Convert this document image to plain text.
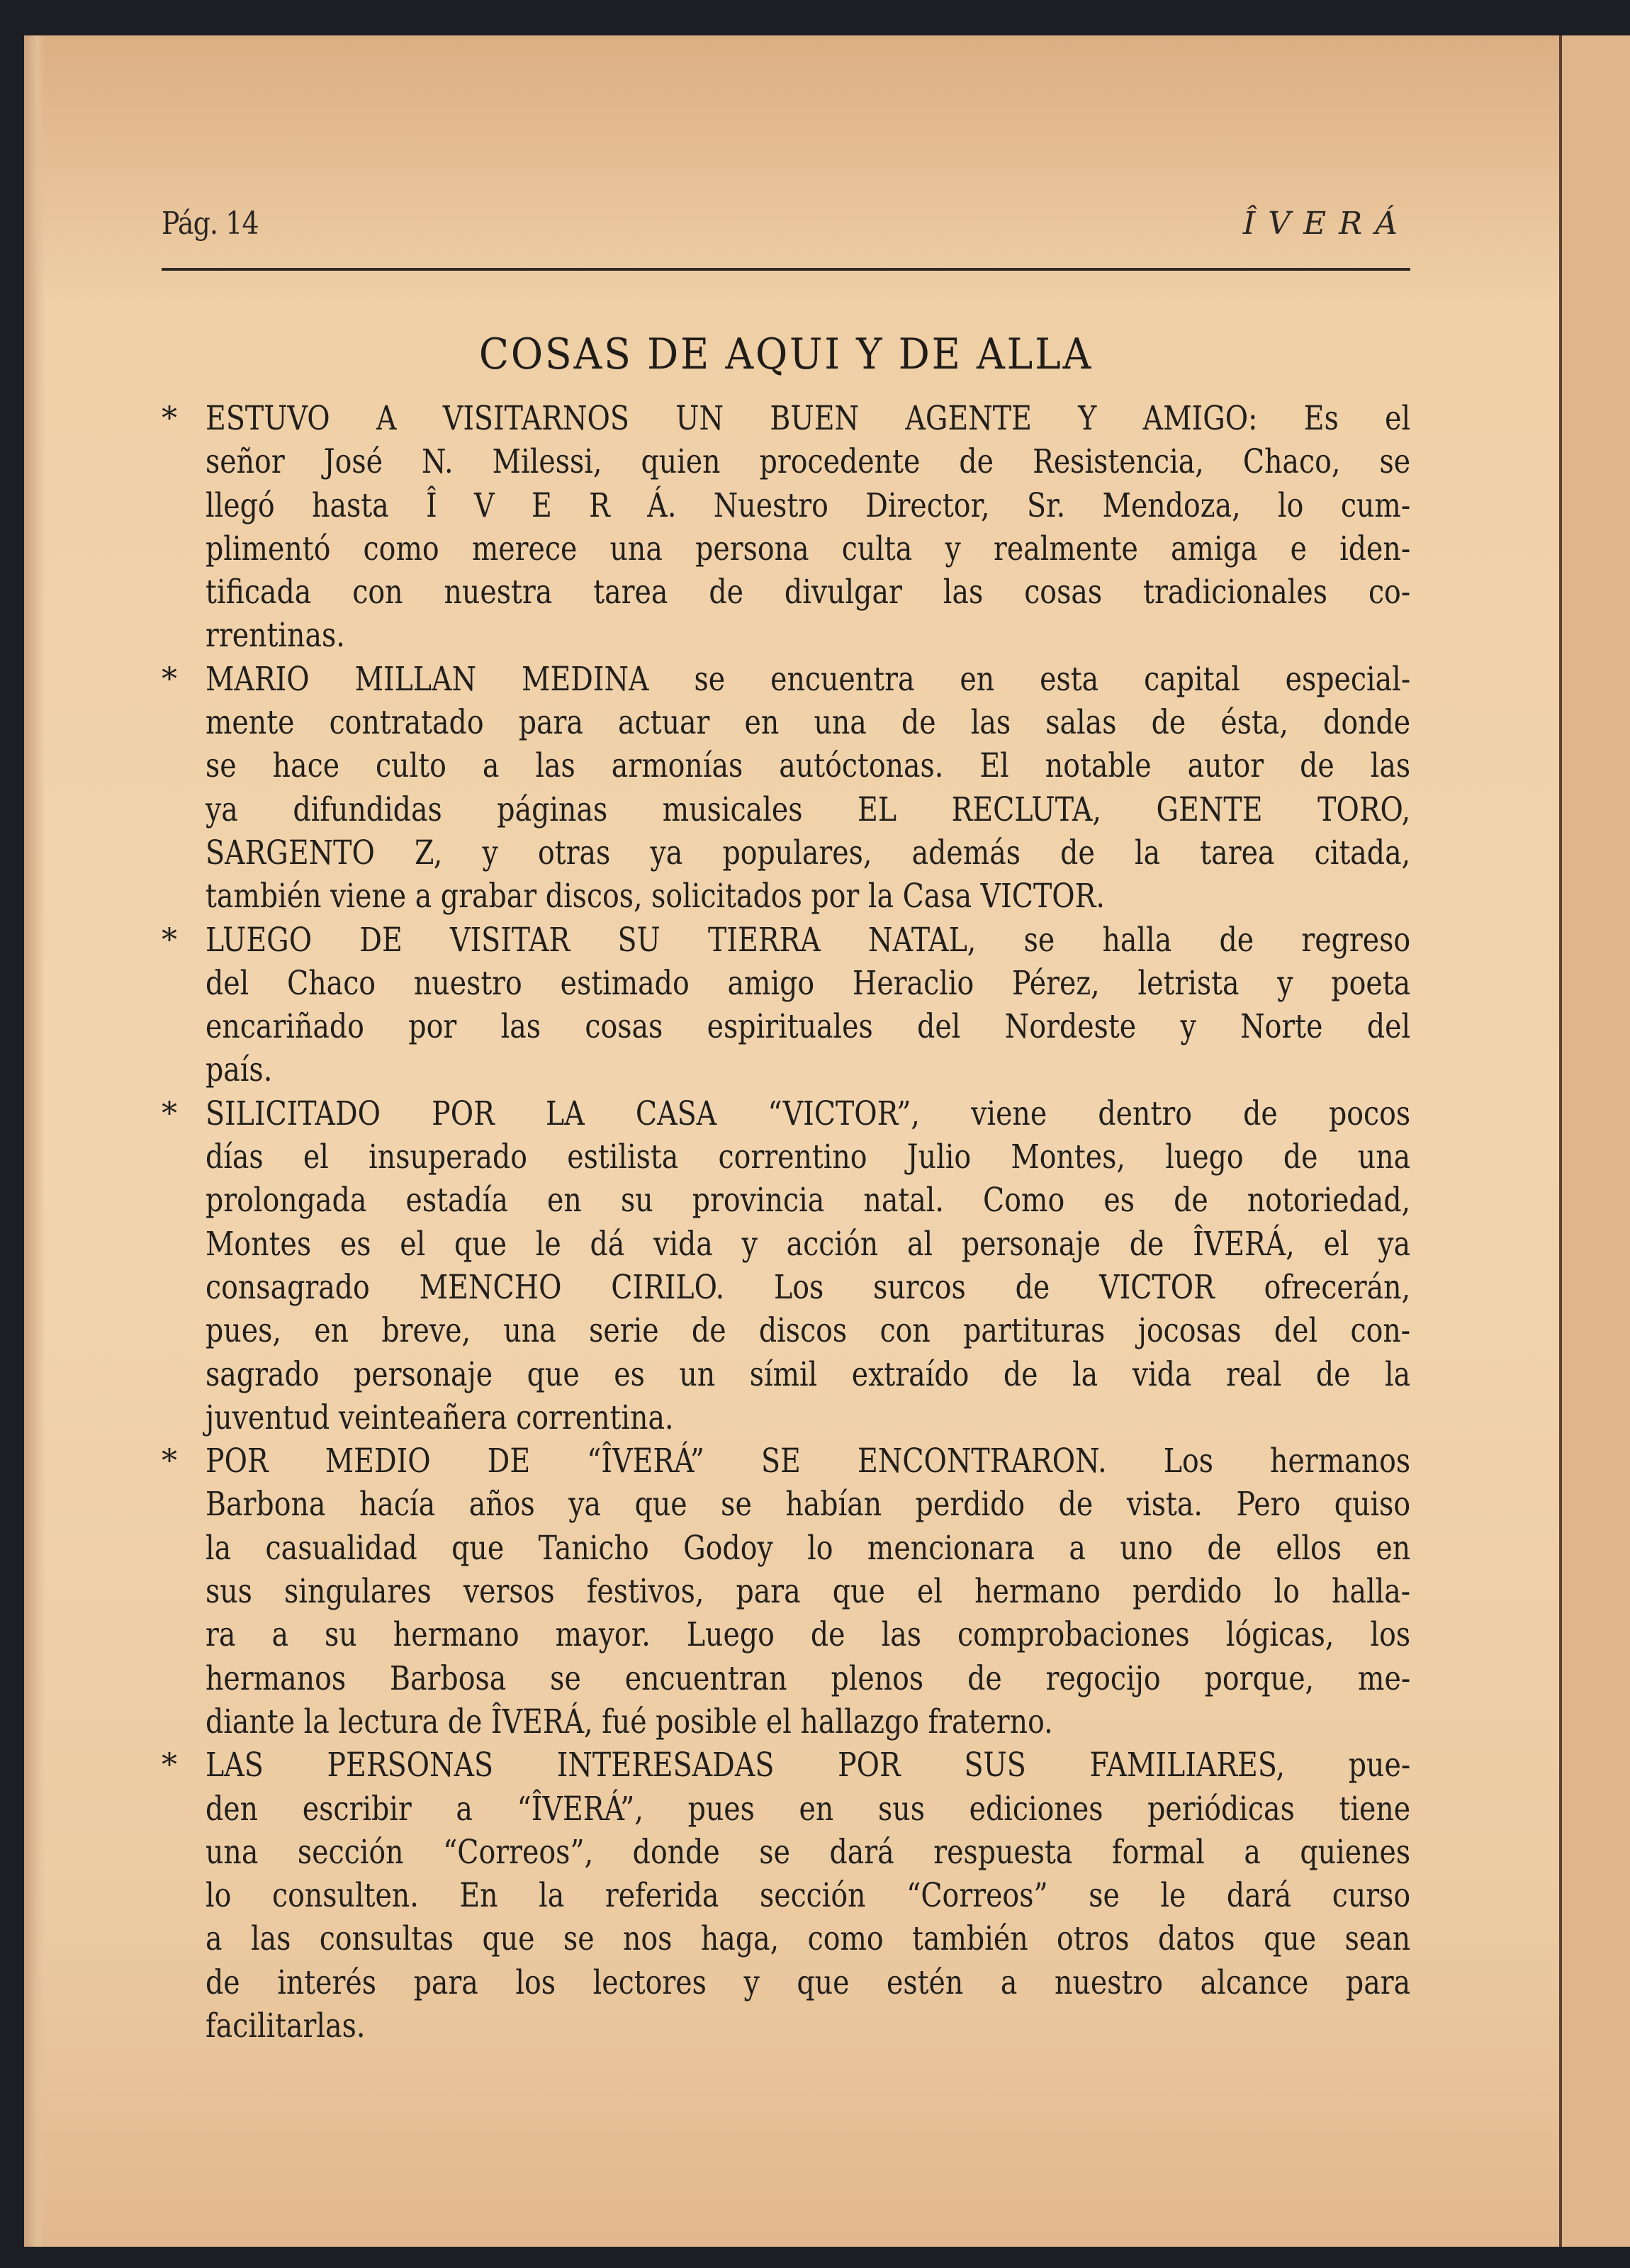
Pág. 14	ÎVERÁ
COSAS DE AQUI Y DE ALLA
* ESTUVO A VISITARNOS UN BUEN AGENTE Y AMIGO: Es el
señor José N. Milessi, quien procedente de Resistencia, Chaco, se
llegó hasta Î V E R Á. Nuestro Director, Sr. Mendoza, lo cum-
plimentó como merece una persona culta y realmente amiga e iden-
tificada con nuestra tarea de divulgar las cosas tradicionales co-
rrentinas.
* MARIO MILLAN MEDINA se encuentra en esta capital especial-
mente contratado para actuar en una de las salas de ésta, donde
se hace culto a las armonías autóctonas. El notable autor de las
ya difundidas páginas musicales EL RECLUTA, GENTE TORO,
SARGENTO Z, y otras ya populares, además de la tarea citada,
también viene a grabar discos, solicitados por la Casa VICTOR.
* LUEGO DE VISITAR SU TIERRA NATAL, se halla de regreso
del Chaco nuestro estimado amigo Heraclio Pérez, letrista y poeta
encariñado por las cosas espirituales del Nordeste y Norte del
país.
* SILICITADO POR LA CASA “VICTOR”, viene dentro de pocos
días el insuperado estilista correntino Julio Montes, luego de una
prolongada estadía en su provincia natal. Como es de notoriedad,
Montes es el que le dá vida y acción al personaje de ÎVERÁ, el ya
consagrado MENCHO CIRILO. Los surcos de VICTOR ofrecerán,
pues, en breve, una serie de discos con partituras jocosas del con-
sagrado personaje que es un símil extraído de la vida real de la
juventud veinteañera correntina.
* POR MEDIO DE “ÎVERÁ” SE ENCONTRARON. Los hermanos
Barbona hacía años ya que se habían perdido de vista. Pero quiso
la casualidad que Tanicho Godoy lo mencionara a uno de ellos en
sus singulares versos festivos, para que el hermano perdido lo halla-
ra a su hermano mayor. Luego de las comprobaciones lógicas, los
hermanos Barbosa se encuentran plenos de regocijo porque, me-
diante la lectura de ÎVERÁ, fué posible el hallazgo fraterno.
* LAS PERSONAS INTERESADAS POR SUS FAMILIARES, pue-
den escribir a “ÎVERÁ”, pues en sus ediciones periódicas tiene
una sección “Correos”, donde se dará respuesta formal a quienes
lo consulten. En la referida sección “Correos” se le dará curso
a las consultas que se nos haga, como también otros datos que sean
de interés para los lectores y que estén a nuestro alcance para
facilitarlas.
